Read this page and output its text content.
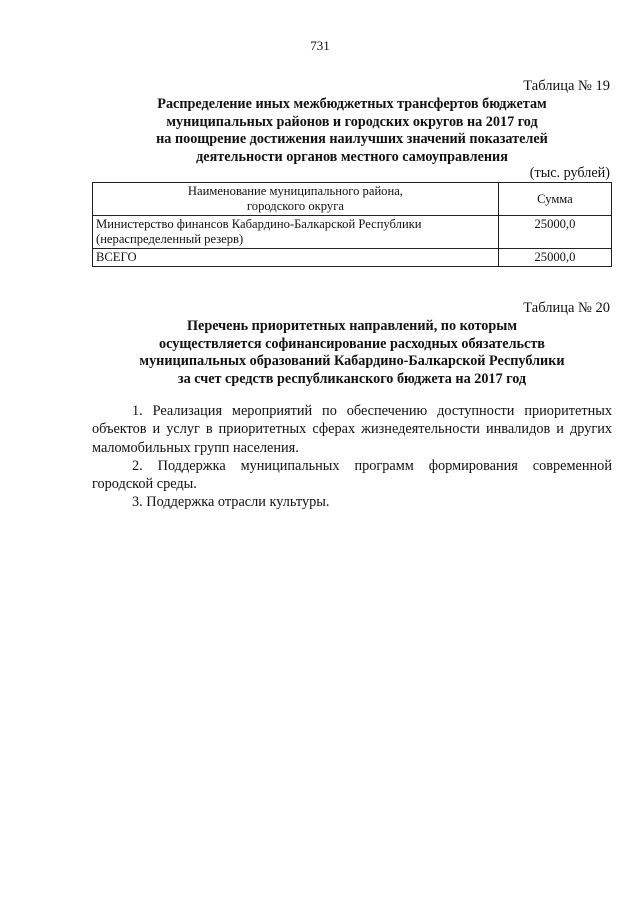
731
Таблица № 19
Распределение иных межбюджетных трансфертов бюджетам
муниципальных районов и городских округов на 2017 год
на поощрение достижения наилучших значений показателей
деятельности органов местного самоуправления
(тыс. рублей)
Наименование муниципального района,
городского округа	Сумма

Министерство финансов Кабардино-Балкарской Республики
(нераспределенный резерв)	25000,0
ВСЕГО	25000,0
Таблица № 20
Перечень приоритетных направлений, по которым
осуществляется софинансирование расходных обязательств
муниципальных образований Кабардино-Балкарской Республики
за счет средств республиканского бюджета на 2017 год

1. Реализация мероприятий по обеспечению доступности приоритетных объектов и услуг в приоритетных сферах жизнедеятельности инвалидов и других маломобильных групп населения.

2. Поддержка муниципальных программ формирования современной городской среды.

3. Поддержка отрасли культуры.
